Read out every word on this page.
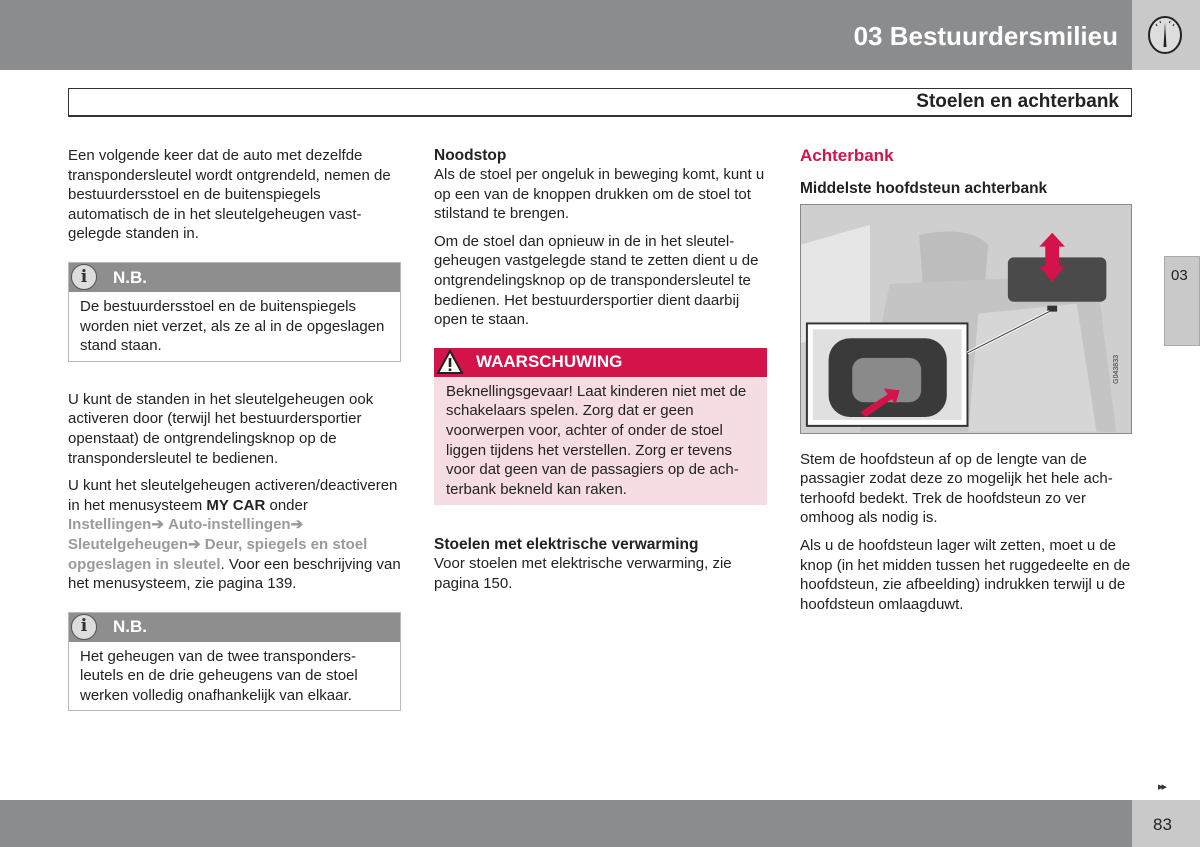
03 Bestuurdersmilieu
Stoelen en achterbank

Een volgende keer dat de auto met dezelfde transpondersleutel wordt ontgrendeld, nemen de bestuurdersstoel en de buitenspiegels automatisch de in het sleutelgeheugen vastgelegde standen in.

i	N.B.
De bestuurdersstoel en de buitenspiegels worden niet verzet, als ze al in de opgeslagen stand staan.

U kunt de standen in het sleutelgeheugen ook activeren door (terwijl het bestuurdersportier openstaat) de ontgrendelingsknop op de transpondersleutel te bedienen.

U kunt het sleutelgeheugen activeren/deactiveren in het menusysteem MY CAR onder Instellingen➔ Auto-instellingen➔ Sleutelgeheugen➔ Deur, spiegels en stoel opgeslagen in sleutel. Voor een beschrijving van het menusysteem, zie pagina 139.

i	N.B.
Het geheugen van de twee transpondersleutels en de drie geheugens van de stoel werken volledig onafhankelijk van elkaar.
Noodstop

Als de stoel per ongeluk in beweging komt, kunt u op een van de knoppen drukken om de stoel tot stilstand te brengen.

Om de stoel dan opnieuw in de in het sleutelgeheugen vastgelegde stand te zetten dient u de ontgrendelingsknop op de transpondersleutel te bedienen. Het bestuurdersportier dient daarbij open te staan.

WAARSCHUWING
Beknellingsgevaar! Laat kinderen niet met de schakelaars spelen. Zorg dat er geen voorwerpen voor, achter of onder de stoel liggen tijdens het verstellen. Zorg er tevens voor dat geen van de passagiers op de achterbank bekneld kan raken.
Stoelen met elektrische verwarming

Voor stoelen met elektrische verwarming, zie pagina 150.

Achterbank
Middelste hoofdsteun achterbank
G043833

Stem de hoofdsteun af op de lengte van de passagier zodat deze zo mogelijk het hele achterhoofd bedekt. Trek de hoofdsteun zo ver omhoog als nodig is.

Als u de hoofdsteun lager wilt zetten, moet u de knop (in het midden tussen het ruggedeelte en de hoofdsteun, zie afbeelding) indrukken terwijl u de hoofdsteun omlaagduwt.

03
▸▸
83
